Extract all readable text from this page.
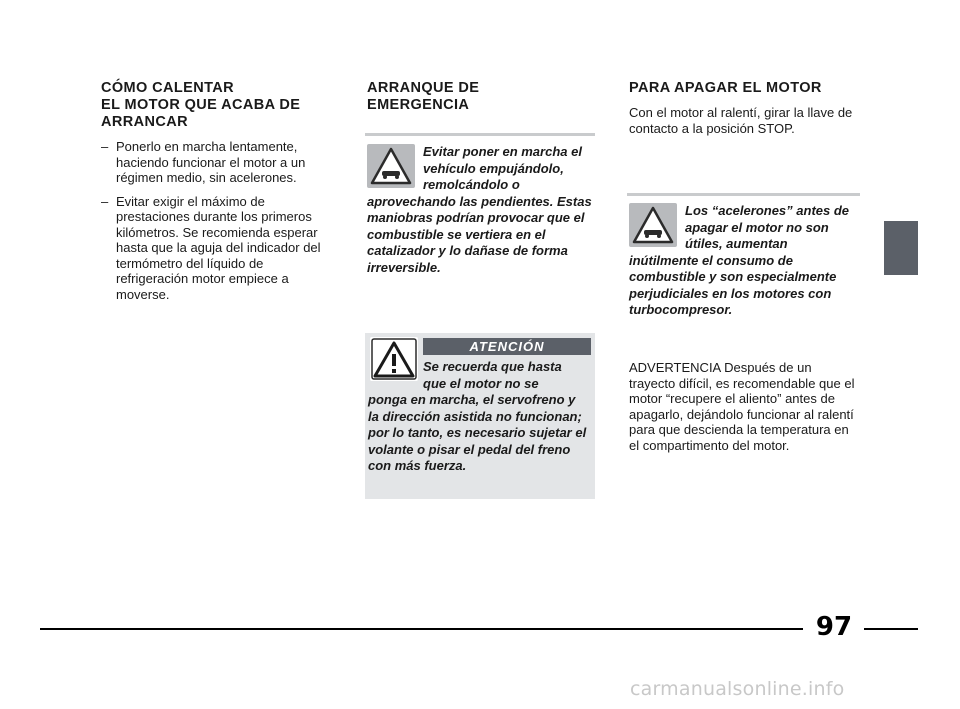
CÓMO CALENTAR
EL MOTOR QUE ACABA DE
ARRANCAR
– Ponerlo en marcha lentamente, haciendo funcionar el motor a un régimen medio, sin acelerones.
– Evitar exigir el máximo de prestaciones durante los primeros kilómetros. Se recomienda esperar hasta que la aguja del indicador del termómetro del líquido de refrigeración motor empiece a moverse.
ARRANQUE DE
EMERGENCIA

Evitar poner en marcha el vehículo empujándolo, remolcándolo o aprovechando las pendientes. Estas maniobras podrían provocar que el combustible se vertiera en el catalizador y lo dañase de forma irreversible.

ATENCIÓN
Se recuerda que hasta que el motor no se
ponga en marcha, el servofreno y la dirección asistida no funcionan; por lo tanto, es necesario sujetar el volante o pisar el pedal del freno con más fuerza.
PARA APAGAR EL MOTOR

Con el motor al ralentí, girar la llave de contacto a la posición STOP.

Los “acelerones” antes de apagar el motor no son útiles, aumentan inútilmente el consumo de combustible y son especialmente perjudiciales en los motores con turbocompresor.

ADVERTENCIA Después de un trayecto difícil, es recomendable que el motor “recupere el aliento” antes de apagarlo, dejándolo funcionar al ralentí para que descienda la temperatura en el compartimento del motor.

97
carmanualsonline.info
